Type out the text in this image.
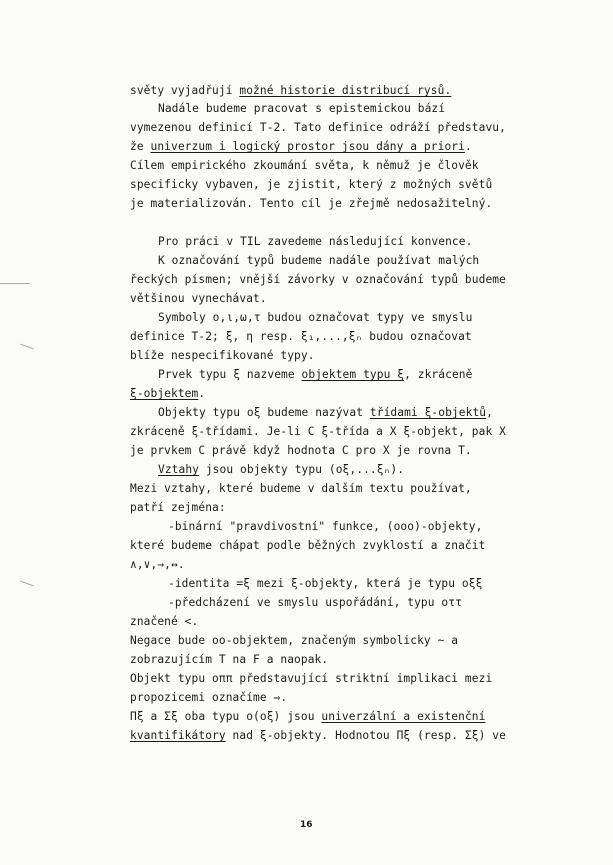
světy vyjadřují možné historie distribucí rysů.
Nadále budeme pracovat s epistemickou bází
vymezenou definicí T-2. Tato definice odráží představu,
že univerzum i logický prostor jsou dány a priori.
Cílem empirického zkoumání světa, k němuž je člověk
specificky vybaven, je zjistit, který z možných světů
je materializován. Tento cíl je zřejmě nedosažitelný.
Pro práci v TIL zavedeme následující konvence.
K označování typů budeme nadále používat malých
řeckých písmen; vnější závorky v označování typů budeme
většinou vynechávat.
Symboly ο,ι,ω,τ budou označovat typy ve smyslu
definice T-2; ξ, η resp. ξ₁,...,ξₙ budou označovat
blíže nespecifikované typy.
Prvek typu ξ nazveme objektem typu ξ, zkráceně
ξ-objektem.
Objekty typu οξ budeme nazývat třídami ξ-objektů,
zkráceně ξ-třídami. Je-li C ξ-třída a X ξ-objekt, pak X
je prvkem C právě když hodnota C pro X je rovna T.
Vztahy jsou objekty typu (οξ,...ξₙ).
Mezi vztahy, které budeme v dalším textu používat,
patří zejména:
-binární "pravdivostní" funkce, (οοο)-objekty,
které budeme chápat podle běžných zvyklostí a značit
∧,∨,→,↔.
-identita =ξ mezi ξ-objekty, která je typu οξξ
-předcházení ve smyslu uspořádání, typu οττ
značené <.
Negace bude οο-objektem, značeným symbolicky ~ a
zobrazujícím T na F a naopak.
Objekt typu οππ představující striktní implikaci mezi
propozicemi označíme ⇒.
Πξ a Σξ oba typu ο(οξ) jsou univerzální a existenční
kvantifikátory nad ξ-objekty. Hodnotou Πξ (resp. Σξ) ve
16
